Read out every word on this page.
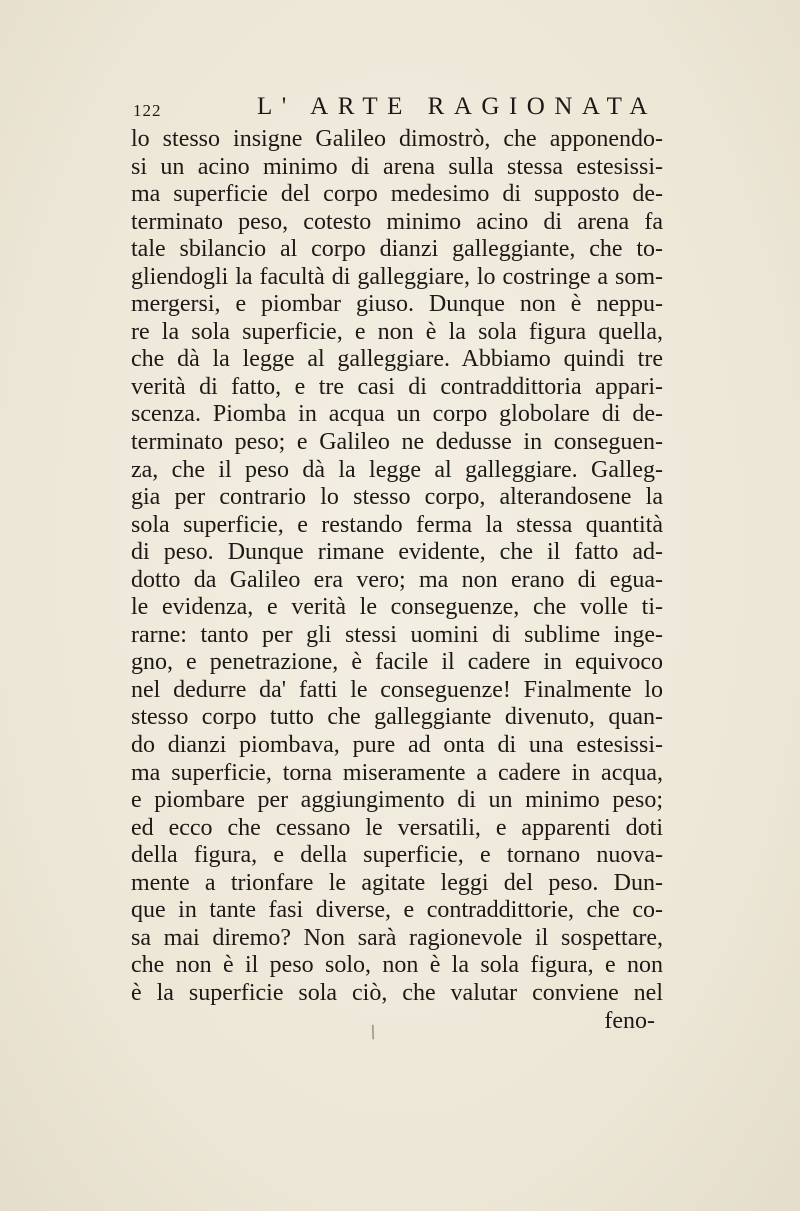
122	L' ARTE RAGIONATA
lo stesso insigne Galileo dimostrò, che apponendo-
si un acino minimo di arena sulla stessa estesissi-
ma superficie del corpo medesimo di supposto de-
terminato peso, cotesto minimo acino di arena fa
tale sbilancio al corpo dianzi galleggiante, che to-
gliendogli la facultà di galleggiare, lo costringe a som-
mergersi, e piombar giuso. Dunque non è neppu-
re la sola superficie, e non è la sola figura quella,
che dà la legge al galleggiare. Abbiamo quindi tre
verità di fatto, e tre casi di contraddittoria appari-
scenza. Piomba in acqua un corpo globolare di de-
terminato peso; e Galileo ne dedusse in conseguen-
za, che il peso dà la legge al galleggiare. Galleg-
gia per contrario lo stesso corpo, alterandosene la
sola superficie, e restando ferma la stessa quantità
di peso. Dunque rimane evidente, che il fatto ad-
dotto da Galileo era vero; ma non erano di egua-
le evidenza, e verità le conseguenze, che volle ti-
rarne: tanto per gli stessi uomini di sublime inge-
gno, e penetrazione, è facile il cadere in equivoco
nel dedurre da' fatti le conseguenze! Finalmente lo
stesso corpo tutto che galleggiante divenuto, quan-
do dianzi piombava, pure ad onta di una estesissi-
ma superficie, torna miseramente a cadere in acqua,
e piombare per aggiungimento di un minimo peso;
ed ecco che cessano le versatili, e apparenti doti
della figura, e della superficie, e tornano nuova-
mente a trionfare le agitate leggi del peso. Dun-
que in tante fasi diverse, e contraddittorie, che co-
sa mai diremo? Non sarà ragionevole il sospettare,
che non è il peso solo, non è la sola figura, e non
è la superficie sola ciò, che valutar conviene nel
feno-
